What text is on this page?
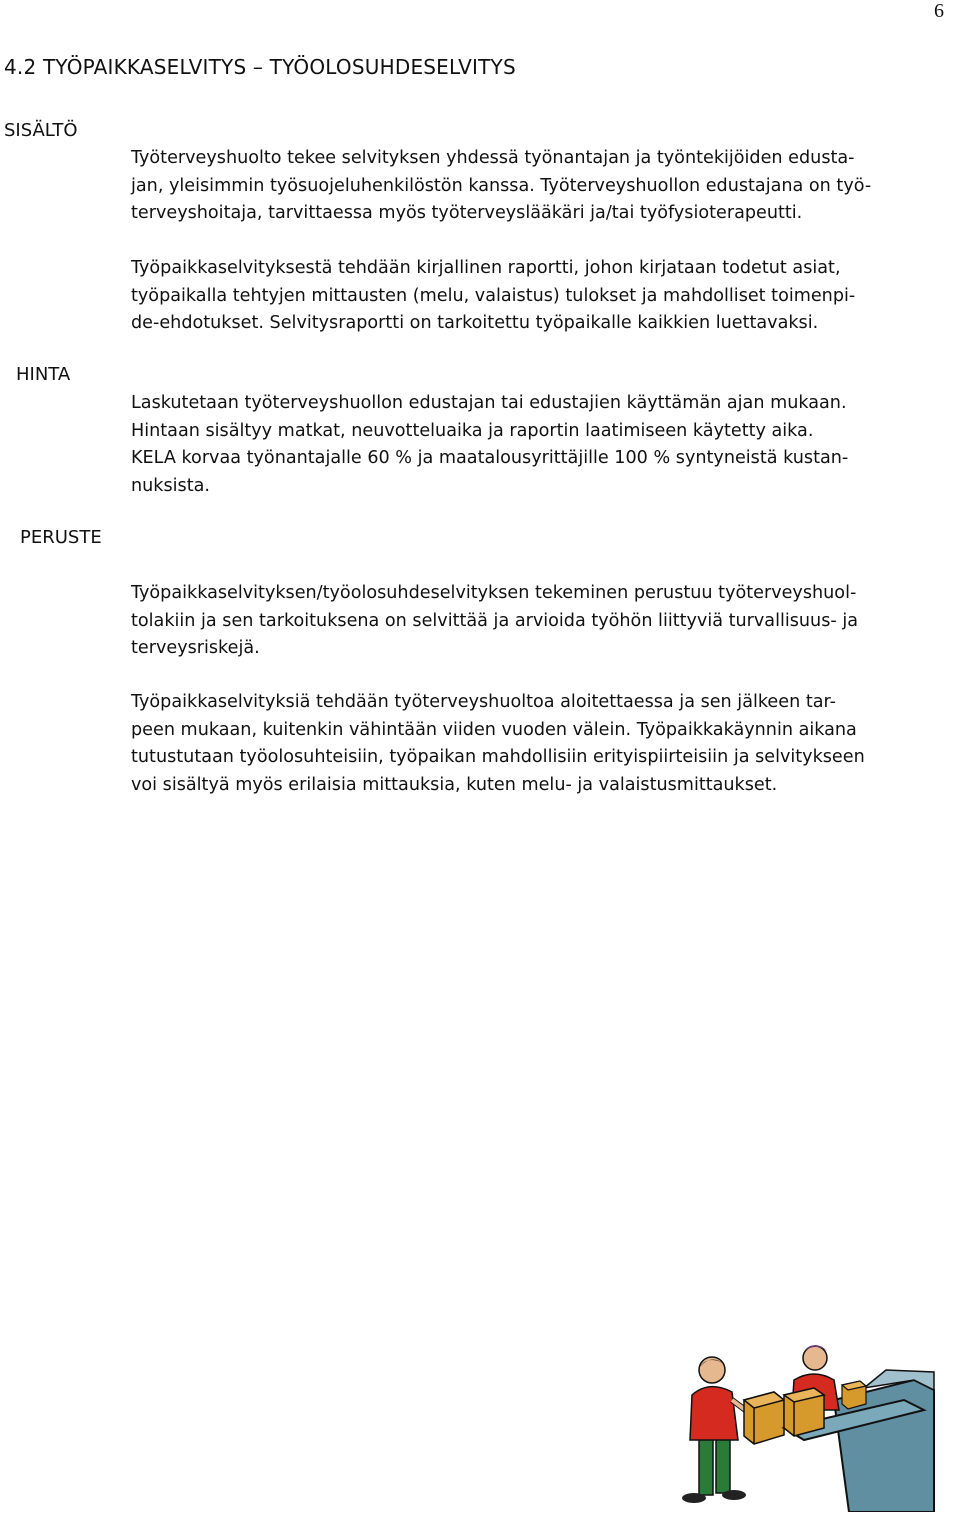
6
4.2 TYÖPAIKKASELVITYS – TYÖOLOSUHDESELVITYS
SISÄLTÖ
HINTA
PERUSTE
Työterveyshuolto tekee selvityksen yhdessä työnantajan ja työntekijöiden edusta-
jan, yleisimmin työsuojeluhenkilöstön kanssa. Työterveyshuollon edustajana on työ-
terveyshoitaja, tarvittaessa myös työterveyslääkäri ja/tai työfysioterapeutti.
Työpaikkaselvityksestä tehdään kirjallinen raportti, johon kirjataan todetut asiat,
työpaikalla tehtyjen mittausten (melu, valaistus) tulokset ja mahdolliset toimenpi-
de-ehdotukset. Selvitysraportti on tarkoitettu työpaikalle kaikkien luettavaksi.
Laskutetaan työterveyshuollon edustajan tai edustajien käyttämän ajan mukaan.
Hintaan sisältyy matkat, neuvotteluaika ja raportin laatimiseen käytetty aika.
KELA korvaa työnantajalle 60 % ja maatalousyrittäjille 100 % syntyneistä kustan-
nuksista.
Työpaikkaselvityksen/työolosuhdeselvityksen tekeminen perustuu työterveyshuol-
tolakiin ja sen tarkoituksena on selvittää ja arvioida työhön liittyviä turvallisuus- ja
terveysriskejä.
Työpaikkaselvityksiä tehdään työterveyshuoltoa aloitettaessa ja sen jälkeen tar-
peen mukaan, kuitenkin vähintään viiden vuoden välein. Työpaikkakäynnin aikana
tutustutaan työolosuhteisiin, työpaikan mahdollisiin erityispiirteisiin ja selvitykseen
voi sisältyä myös erilaisia mittauksia, kuten melu- ja valaistusmittaukset.
